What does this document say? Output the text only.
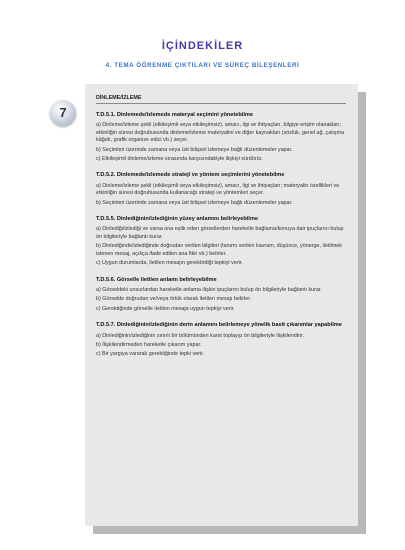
İÇİNDEKİLER
4. TEMA ÖĞRENME ÇIKTILARI VE SÜREÇ BİLEŞENLERİ
7
DİNLEME/İZLEME
T.D.5.1. Dinlemede/izlemede materyal seçimini yönetebilme
a) Dinleme/izleme şekli (etkileşimli veya etkileşimsiz), amacı, ilgi ve ihtiyaçları, bilgiye erişim olanakları; etkinliğin süresi doğrultusunda dinleme/izleme materyalini ve diğer kaynakları (sözlük, genel ağ, çalışma kâğıdı, grafik organize edici vb.) seçer.
b) Seçimleri üzerinde zamana veya üst bilişsel izlemeye bağlı düzenlemeler yapar.
c) Etkileşimli dinleme/izleme sırasında karşısındakiyle ilişkiyi sürdürür.
T.D.5.2. Dinlemede/izlemede strateji ve yöntem seçimlerini yönetebilme
a) Dinleme/izleme şekli (etkileşimli veya etkileşimsiz), amacı, ilgi ve ihtiyaçları; materyalin özellikleri ve etkinliğin süresi doğrultusunda kullanacağı strateji ve yöntemleri seçer.
b) Seçimleri üzerinde zamana veya üst bilişsel izlemeye bağlı düzenlemeler yapar.
T.D.5.5. Dinlediğinin/izlediğinin yüzey anlamını belirleyebilme
a) Dinlediği/izlediği ve varsa ona eşlik eden görsellerden hareketle bağlama/konuya dair ipuçlarını bulup ön bilgileriyle bağlantı kurar.
b) Dinlediğinde/izlediğinde doğrudan verilen bilgileri (tanımı verilen kavram, düşünce, yönerge, iletilmek istenen mesaj, açıkça ifade edilen ana fikir vb.) belirler.
c) Uygun durumlarda, iletilen mesajın gerektirdiği tepkiyi verir.
T.D.5.6. Görselle iletilen anlamı belirleyebilme
a) Görseldeki unsurlardan hareketle anlama ilişkin ipuçlarını bulup ön bilgileriyle bağlantı kurar.
b) Görselde doğrudan ve/veya örtük olarak iletilen mesajı belirler.
c) Gerektiğinde görselle iletilen mesaja uygun tepkiyi verir.
T.D.5.7. Dinlediğinin/izlediğinin derin anlamını belirlemeye yönelik basit çıkarımlar yapabilme
a) Dinlediğinin/izlediğinin sınırlı bir bölümünden kanıt toplayıp ön bilgileriyle ilişkilendirir.
b) İlişkilendirmeden hareketle çıkarım yapar.
c) Bir yargıya vararak gerektiğinde tepki verir.
